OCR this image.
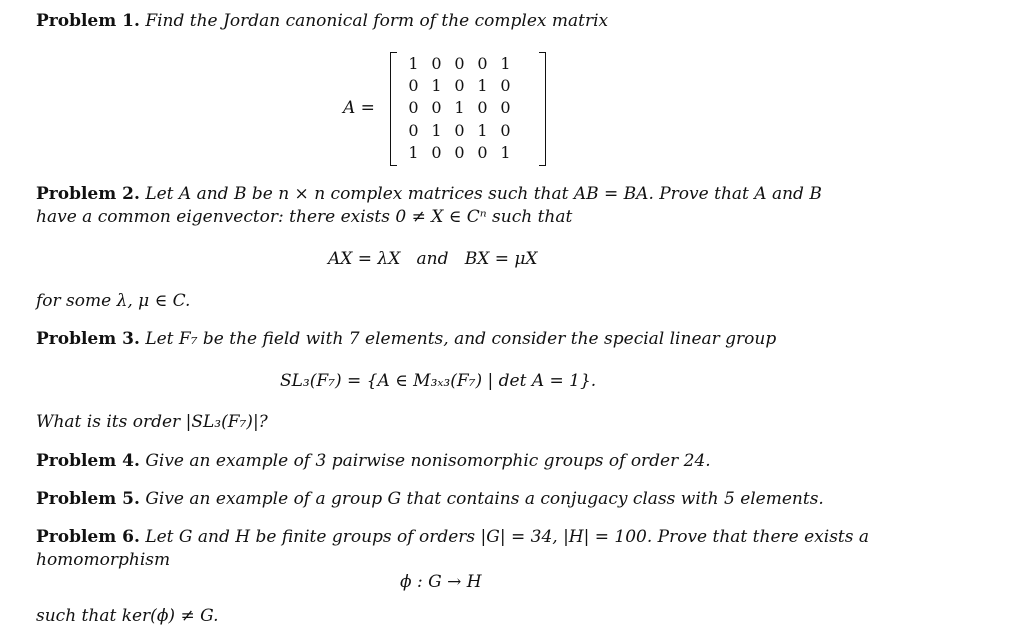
Problem 1. Find the Jordan canonical form of the complex matrix
A =
1 0 0 0 1
0 1 0 1 0
0 0 1 0 0
0 1 0 1 0
1 0 0 0 1
Problem 2. Let A and B be n × n complex matrices such that AB = BA. Prove that A and B
have a common eigenvector: there exists 0 ≠ X ∈ Cⁿ such that
AX = λX   and   BX = μX
for some λ, μ ∈ C.
Problem 3. Let F₇ be the field with 7 elements, and consider the special linear group
SL₃(F₇) = {A ∈ M₃ₓ₃(F₇) | det A = 1}.
What is its order |SL₃(F₇)|?
Problem 4. Give an example of 3 pairwise nonisomorphic groups of order 24.
Problem 5. Give an example of a group G that contains a conjugacy class with 5 elements.
Problem 6. Let G and H be finite groups of orders |G| = 34, |H| = 100. Prove that there exists a
homomorphism
ϕ : G → H
such that ker(ϕ) ≠ G.
